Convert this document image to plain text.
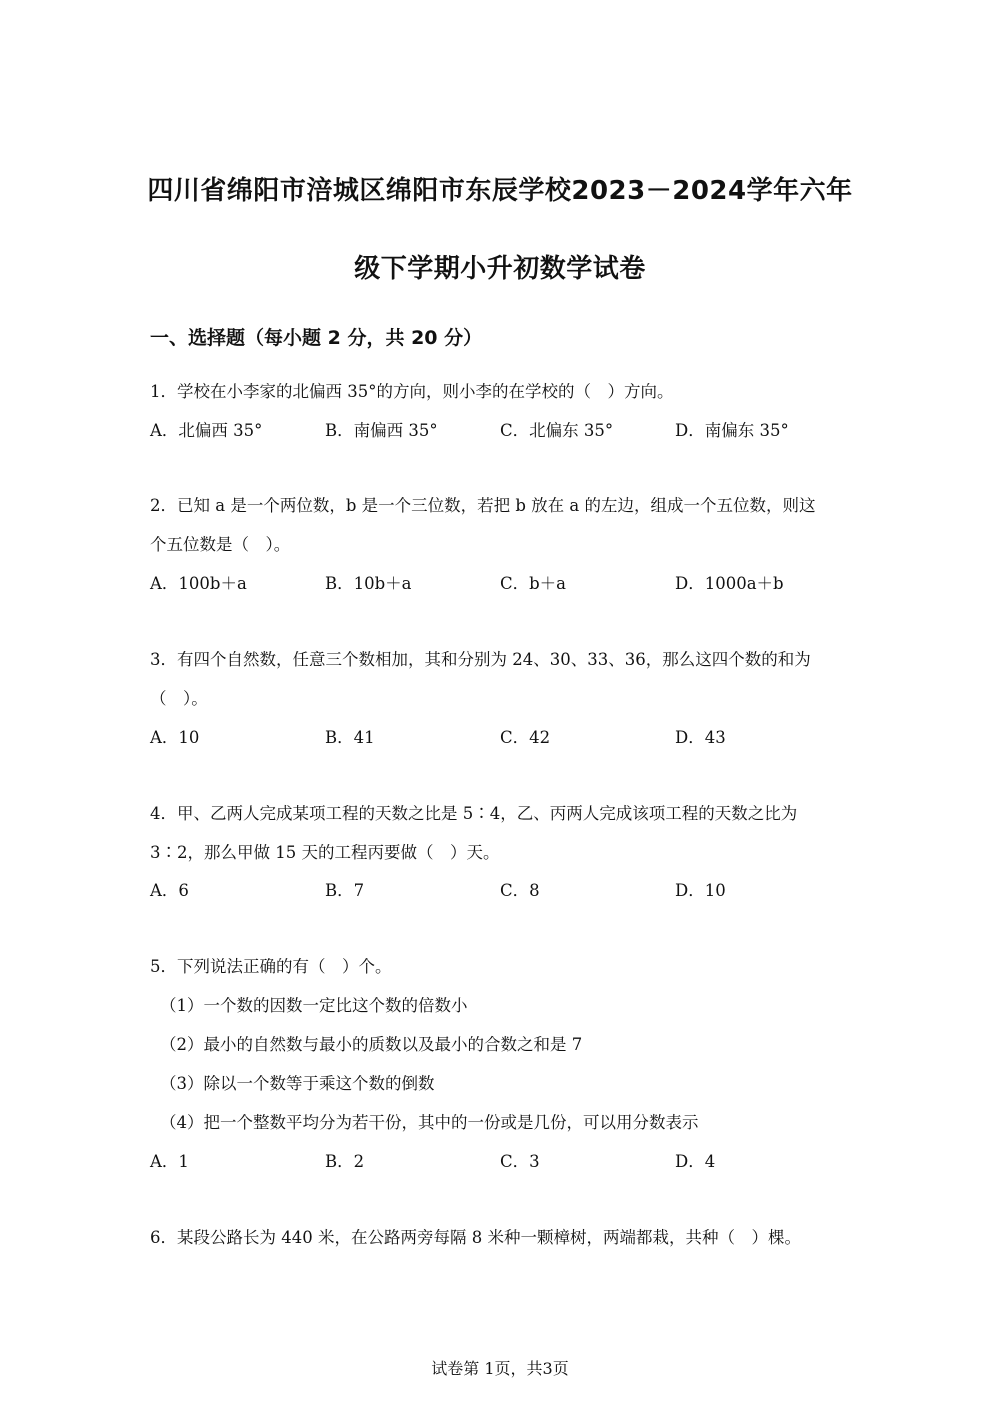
四川省绵阳市涪城区绵阳市东辰学校2023－2024学年六年
级下学期小升初数学试卷
一、选择题（每小题 2 分，共 20 分）
1．学校在小李家的北偏西 35°的方向，则小李的在学校的（　）方向。
A．北偏西 35°	B．南偏西 35°	C．北偏东 35°	D．南偏东 35°
2．已知 a 是一个两位数，b 是一个三位数，若把 b 放在 a 的左边，组成一个五位数，则这
个五位数是（　）。
A．100b＋a	B．10b＋a	C．b＋a	D．1000a＋b
3．有四个自然数，任意三个数相加，其和分别为 24、30、33、36，那么这四个数的和为
（　）。
A．10	B．41	C．42	D．43
4．甲、乙两人完成某项工程的天数之比是 5∶4，乙、丙两人完成该项工程的天数之比为
3∶2，那么甲做 15 天的工程丙要做（　）天。
A．6	B．7	C．8	D．10
5．下列说法正确的有（　）个。
（1）一个数的因数一定比这个数的倍数小
（2）最小的自然数与最小的质数以及最小的合数之和是 7
（3）除以一个数等于乘这个数的倒数
（4）把一个整数平均分为若干份，其中的一份或是几份，可以用分数表示
A．1	B．2	C．3	D．4
6．某段公路长为 440 米，在公路两旁每隔 8 米种一颗樟树，两端都栽，共种（　）棵。
试卷第 1页，共3页
